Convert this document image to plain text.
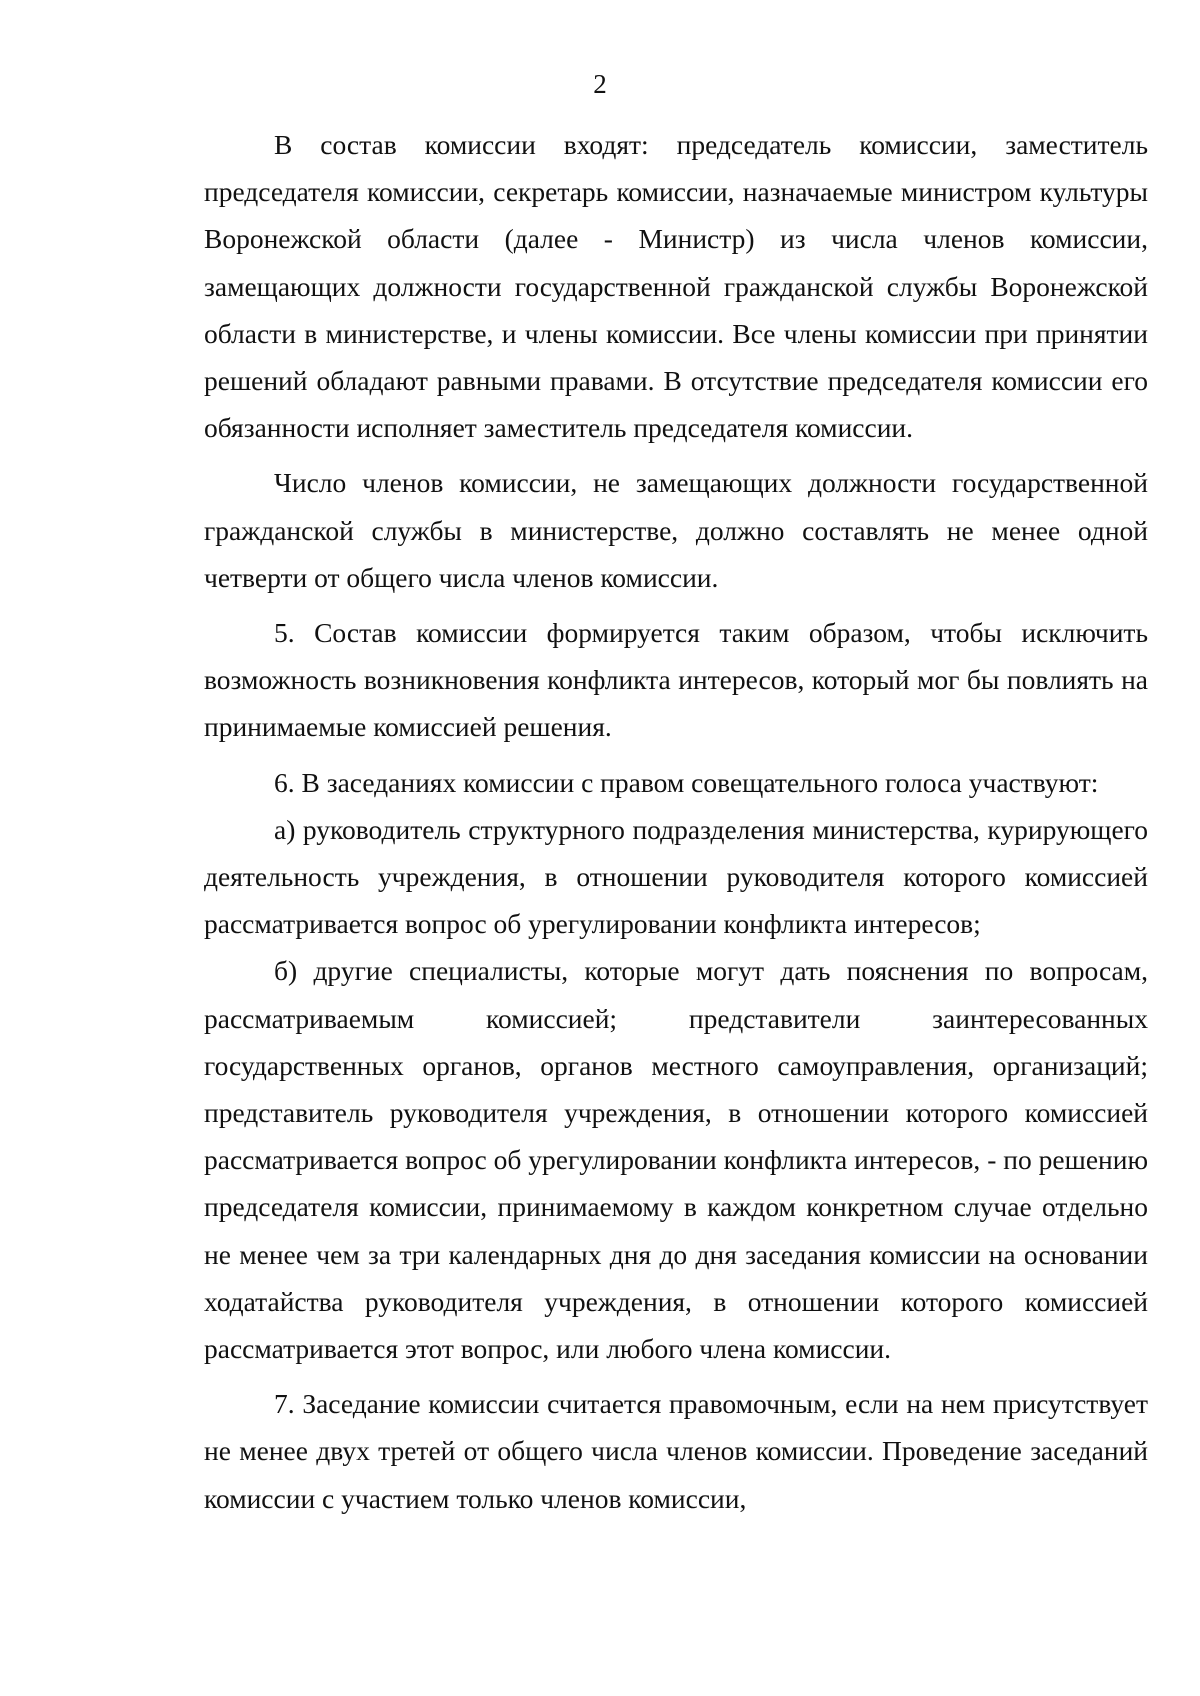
2

В состав комиссии входят: председатель комиссии, заместитель председателя комиссии, секретарь комиссии, назначаемые министром культуры Воронежской области (далее - Министр) из числа членов комиссии, замещающих должности государственной гражданской службы Воронежской области в министерстве, и члены комиссии. Все члены комиссии при принятии решений обладают равными правами. В отсутствие председателя комиссии его обязанности исполняет заместитель председателя комиссии.

Число членов комиссии, не замещающих должности государственной гражданской службы в министерстве, должно составлять не менее одной четверти от общего числа членов комиссии.

5. Состав комиссии формируется таким образом, чтобы исключить возможность возникновения конфликта интересов, который мог бы повлиять на принимаемые комиссией решения.

6. В заседаниях комиссии с правом совещательного голоса участвуют:

а) руководитель структурного подразделения министерства, курирующего деятельность учреждения, в отношении руководителя которого комиссией рассматривается вопрос об урегулировании конфликта интересов;

б) другие специалисты, которые могут дать пояснения по вопросам, рассматриваемым комиссией; представители заинтересованных государственных органов, органов местного самоуправления, организаций; представитель руководителя учреждения, в отношении которого комиссией рассматривается вопрос об урегулировании конфликта интересов, - по решению председателя комиссии, принимаемому в каждом конкретном случае отдельно не менее чем за три календарных дня до дня заседания комиссии на основании ходатайства руководителя учреждения, в отношении которого комиссией рассматривается этот вопрос, или любого члена комиссии.

7. Заседание комиссии считается правомочным, если на нем присутствует не менее двух третей от общего числа членов комиссии. Проведение заседаний комиссии с участием только членов комиссии,
